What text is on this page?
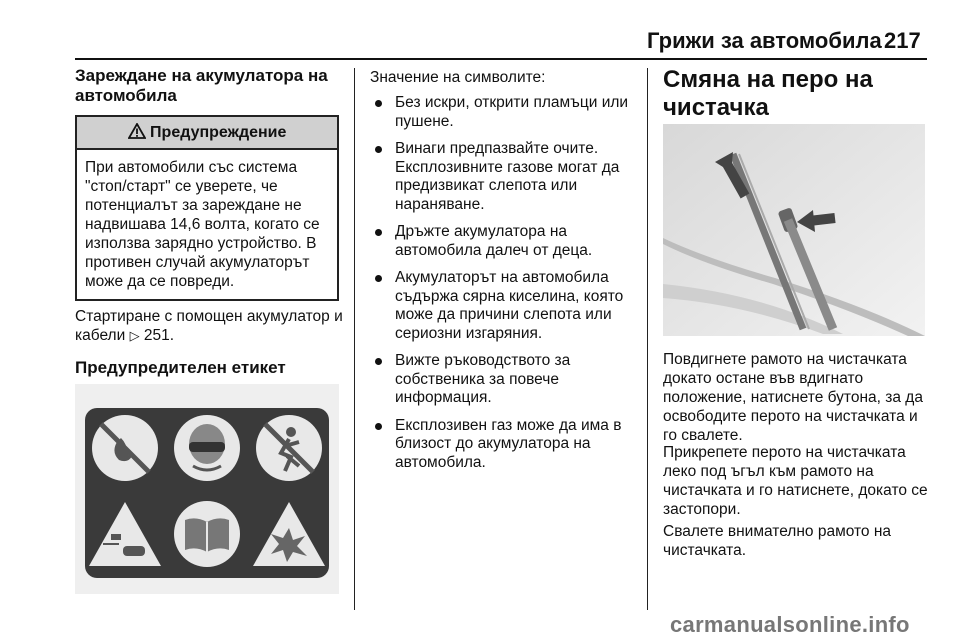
Грижи за автомобила 217
Зареждане на акумулатора на автомобила
Предупреждение
При автомобили със система "стоп/старт" се уверете, че потенциалът за зареждане не надвишава 14,6 волта, когато се използва зарядно устройство. В противен случай акумулаторът може да се повреди.
Стартиране с помощен акумулатор и кабели ▷ 251.
Предупредителен етикет
Значение на символите:
Без искри, открити пламъци или пушене.
Винаги предпазвайте очите. Експлозивните газове могат да предизвикат слепота или нараняване.
Дръжте акумулатора на автомобила далеч от деца.
Акумулаторът на автомобила съдържа сярна киселина, която може да причини слепота или сериозни изгаряния.
Вижте ръководството за собственика за повече информация.
Експлозивен газ може да има в близост до акумулатора на автомобила.
Смяна на перо на чистачка
Повдигнете рамото на чистачката докато остане във вдигнато положение, натиснете бутона, за да освободите перото на чистачката и го свалете.
Прикрепете перото на чистачката леко под ъгъл към рамото на чистачката и го натиснете, докато се застопори.
Свалете внимателно рамото на чистачката.
carmanualsonline.info
